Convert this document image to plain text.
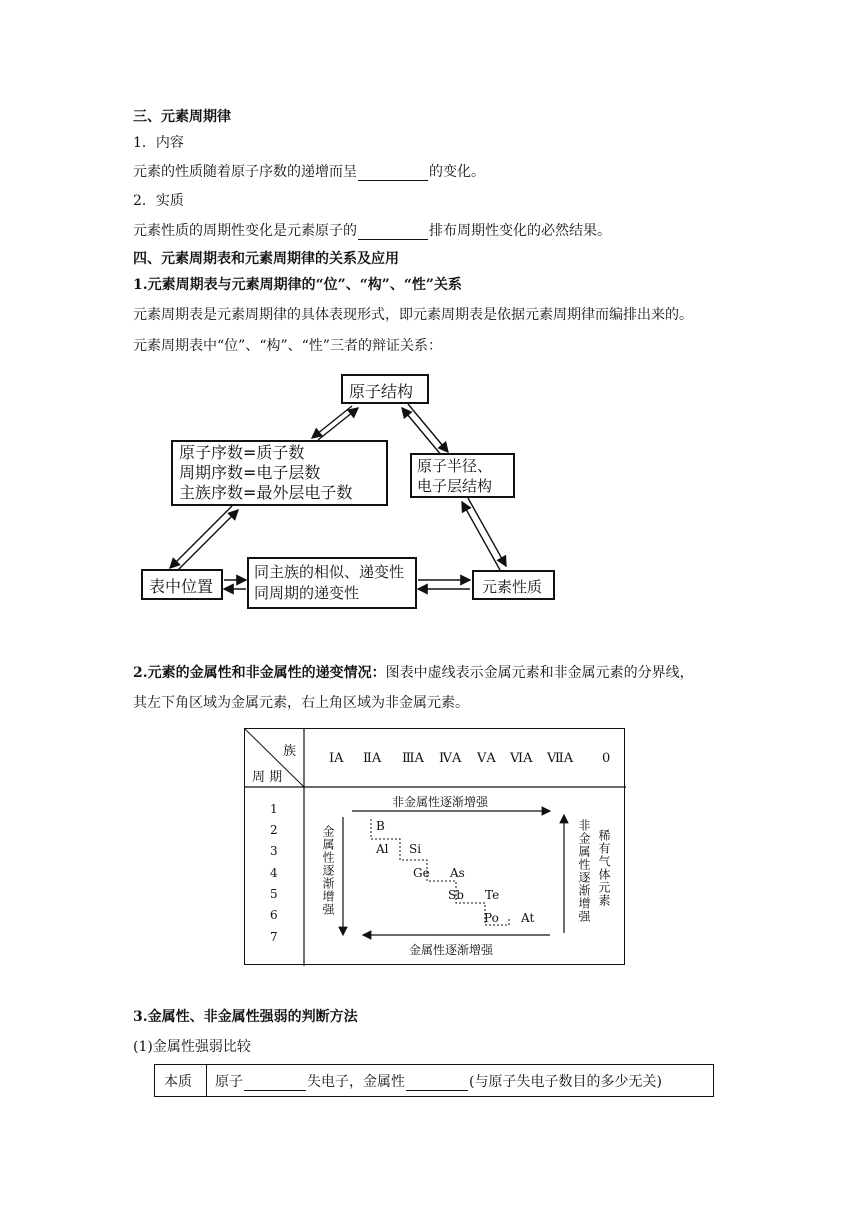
三、元素周期律
1．内容
元素的性质随着原子序数的递增而呈	的变化。
2．实质
元素性质的周期性变化是元素原子的	排布周期性变化的必然结果。
四、元素周期表和元素周期律的关系及应用
1.元素周期表与元素周期律的“位”、“构”、“性”关系
元素周期表是元素周期律的具体表现形式，即元素周期表是依据元素周期律而编排出来的。
元素周期表中“位”、“构”、“性”三者的辩证关系：
原子结构
原子序数=质子数
周期序数=电子层数
主族序数=最外层电子数
原子半径、
电子层结构
表中位置
同主族的相似、递变性
同周期的递变性	元素性质
2.元素的金属性和非金属性的递变情况：图表中虚线表示金属元素和非金属元素的分界线，
其左下角区域为金属元素，右上角区域为非金属元素。
族
周 期
ⅠA ⅡA ⅢA ⅣA ⅤA ⅥA ⅦA 0
1
2
3
4
5
6
7
非金属性逐渐增强
金属性逐渐增强
金属性逐渐增强	非金属性逐渐增强 稀有气体元素
B
Al Si
Ge As
Sb Te
Po At
3.金属性、非金属性强弱的判断方法
(1)金属性强弱比较
本质	原子	失电子，金属性	(与原子失电子数目的多少无关)
